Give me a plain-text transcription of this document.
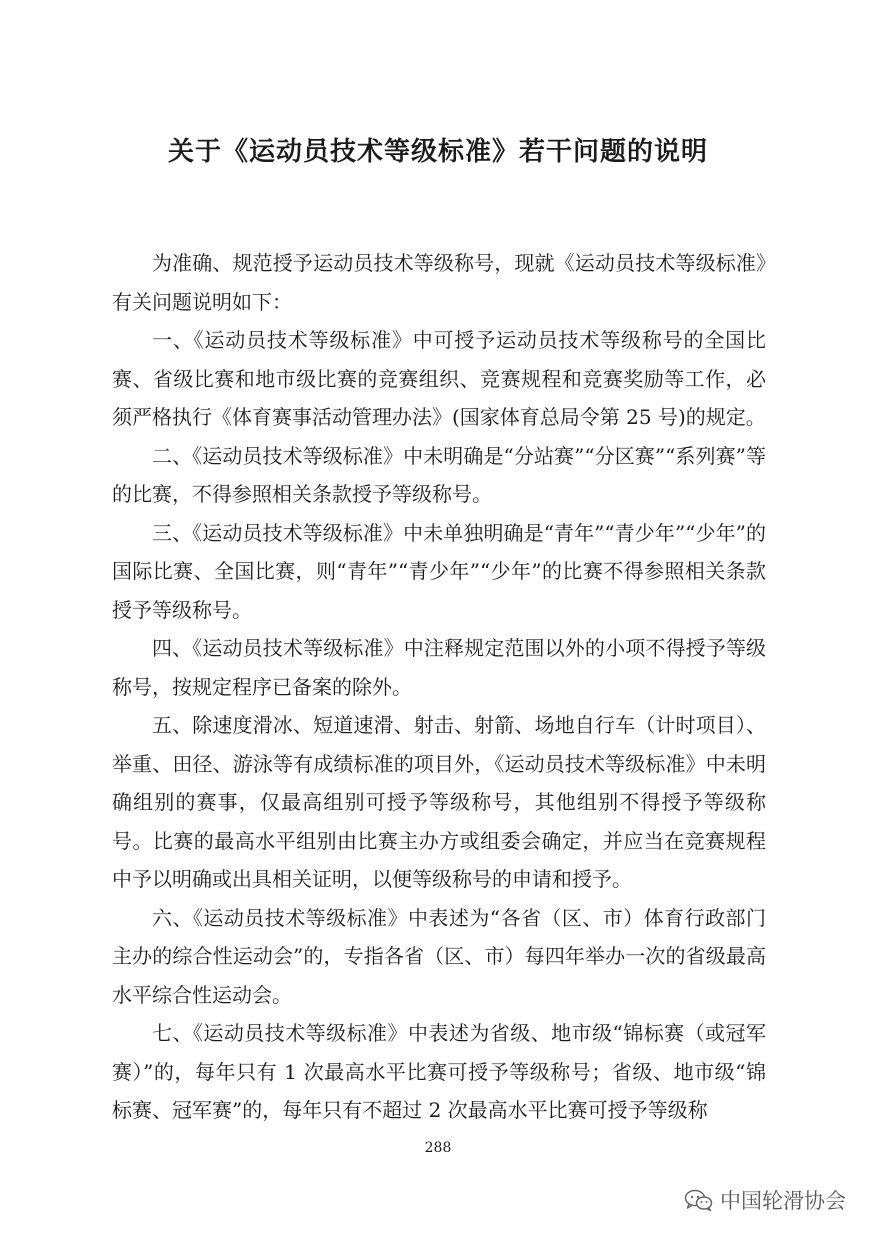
关于《运动员技术等级标准》若干问题的说明

为准确、规范授予运动员技术等级称号，现就《运动员技术等级标准》有关问题说明如下：

一、《运动员技术等级标准》中可授予运动员技术等级称号的全国比赛、省级比赛和地市级比赛的竞赛组织、竞赛规程和竞赛奖励等工作，必须严格执行《体育赛事活动管理办法》(国家体育总局令第 25 号)的规定。

二、《运动员技术等级标准》中未明确是“分站赛”“分区赛”“系列赛”等的比赛，不得参照相关条款授予等级称号。

三、《运动员技术等级标准》中未单独明确是“青年”“青少年”“少年”的国际比赛、全国比赛，则“青年”“青少年”“少年”的比赛不得参照相关条款授予等级称号。

四、《运动员技术等级标准》中注释规定范围以外的小项不得授予等级称号，按规定程序已备案的除外。

五、除速度滑冰、短道速滑、射击、射箭、场地自行车（计时项目）、举重、田径、游泳等有成绩标准的项目外，《运动员技术等级标准》中未明确组别的赛事，仅最高组别可授予等级称号，其他组别不得授予等级称号。比赛的最高水平组别由比赛主办方或组委会确定，并应当在竞赛规程中予以明确或出具相关证明，以便等级称号的申请和授予。

六、《运动员技术等级标准》中表述为“各省（区、市）体育行政部门主办的综合性运动会”的，专指各省（区、市）每四年举办一次的省级最高水平综合性运动会。

七、《运动员技术等级标准》中表述为省级、地市级“锦标赛（或冠军赛）”的，每年只有 1 次最高水平比赛可授予等级称号；省级、地市级“锦标赛、冠军赛”的，每年只有不超过 2 次最高水平比赛可授予等级称

288
中国轮滑协会
